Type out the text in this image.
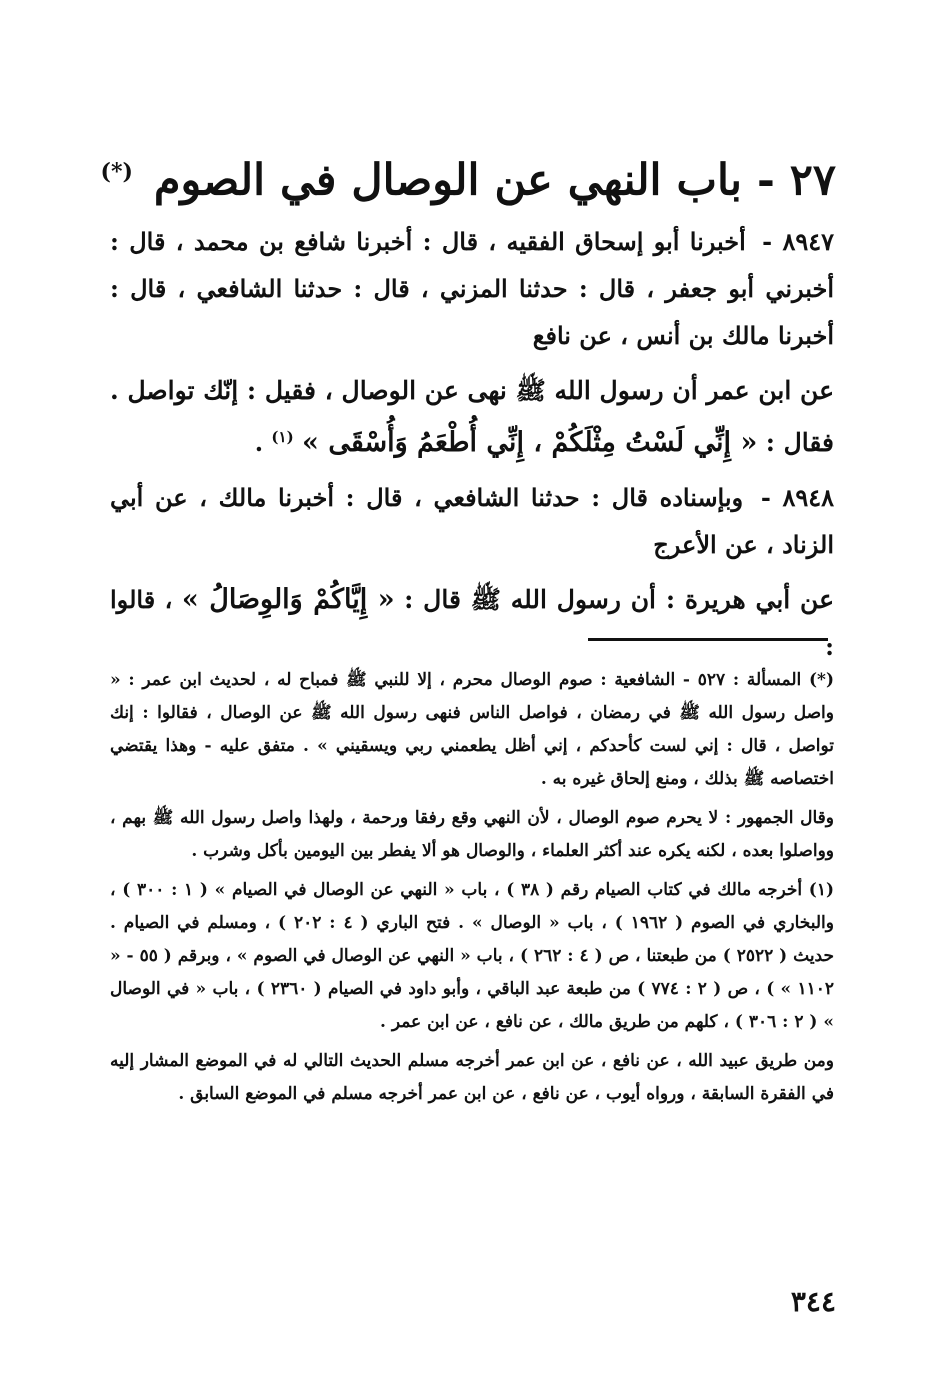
٢٧ - باب النهي عن الوصال في الصوم (*)

٨٩٤٧ - أخبرنا أبو إسحاق الفقيه ، قال : أخبرنا شافع بن محمد ، قال : أخبرني أبو جعفر ، قال : حدثنا المزني ، قال : حدثنا الشافعي ، قال : أخبرنا مالك بن أنس ، عن نافع

عن ابن عمر أن رسول الله ﷺ نهى عن الوصال ، فقيل : إنّك تواصل . فقال : « إِنِّي لَسْتُ مِثْلَكُمْ ، إِنِّي أُطْعَمُ وَأُسْقَى » $^{(١)}$ .

٨٩٤٨ - وبإسناده قال : حدثنا الشافعي ، قال : أخبرنا مالك ، عن أبي الزناد ، عن الأعرج

عن أبي هريرة : أن رسول الله ﷺ قال : « إِيَّاكُمْ وَالوِصَالُ » ، قالوا :

(*) المسألة : ٥٢٧ - الشافعية : صوم الوصال محرم ، إلا للنبي ﷺ فمباح له ، لحديث ابن عمر : « واصل رسول الله ﷺ في رمضان ، فواصل الناس فنهى رسول الله ﷺ عن الوصال ، فقالوا : إنك تواصل ، قال : إني لست كأحدكم ، إني أظل يطعمني ربي ويسقيني » . متفق عليه - وهذا يقتضي اختصاصه ﷺ بذلك ، ومنع إلحاق غيره به .

وقال الجمهور : لا يحرم صوم الوصال ، لأن النهي وقع رفقا ورحمة ، ولهذا واصل رسول الله ﷺ بهم ، وواصلوا بعده ، لكنه يكره عند أكثر العلماء ، والوصال هو ألا يفطر بين اليومين بأكل وشرب .

(١) أخرجه مالك في كتاب الصيام رقم ( ٣٨ ) ، باب « النهي عن الوصال في الصيام » ( ١ : ٣٠٠ ) ، والبخاري في الصوم ( ١٩٦٢ ) ، باب « الوصال » . فتح الباري ( ٤ : ٢٠٢ ) ، ومسلم في الصيام . حديث ( ٢٥٢٢ ) من طبعتنا ، ص ( ٤ : ٢٦٢ ) ، باب « النهي عن الوصال في الصوم » ، وبرقم ( ٥٥ - « ١١٠٢ » ) ، ص ( ٢ : ٧٧٤ ) من طبعة عبد الباقي ، وأبو داود في الصيام ( ٢٣٦٠ ) ، باب « في الوصال » ( ٢ : ٣٠٦ ) ، كلهم من طريق مالك ، عن نافع ، عن ابن عمر .

ومن طريق عبيد الله ، عن نافع ، عن ابن عمر أخرجه مسلم الحديث التالي له في الموضع المشار إليه في الفقرة السابقة ، ورواه أيوب ، عن نافع ، عن ابن عمر أخرجه مسلم في الموضع السابق .

٣٤٤
